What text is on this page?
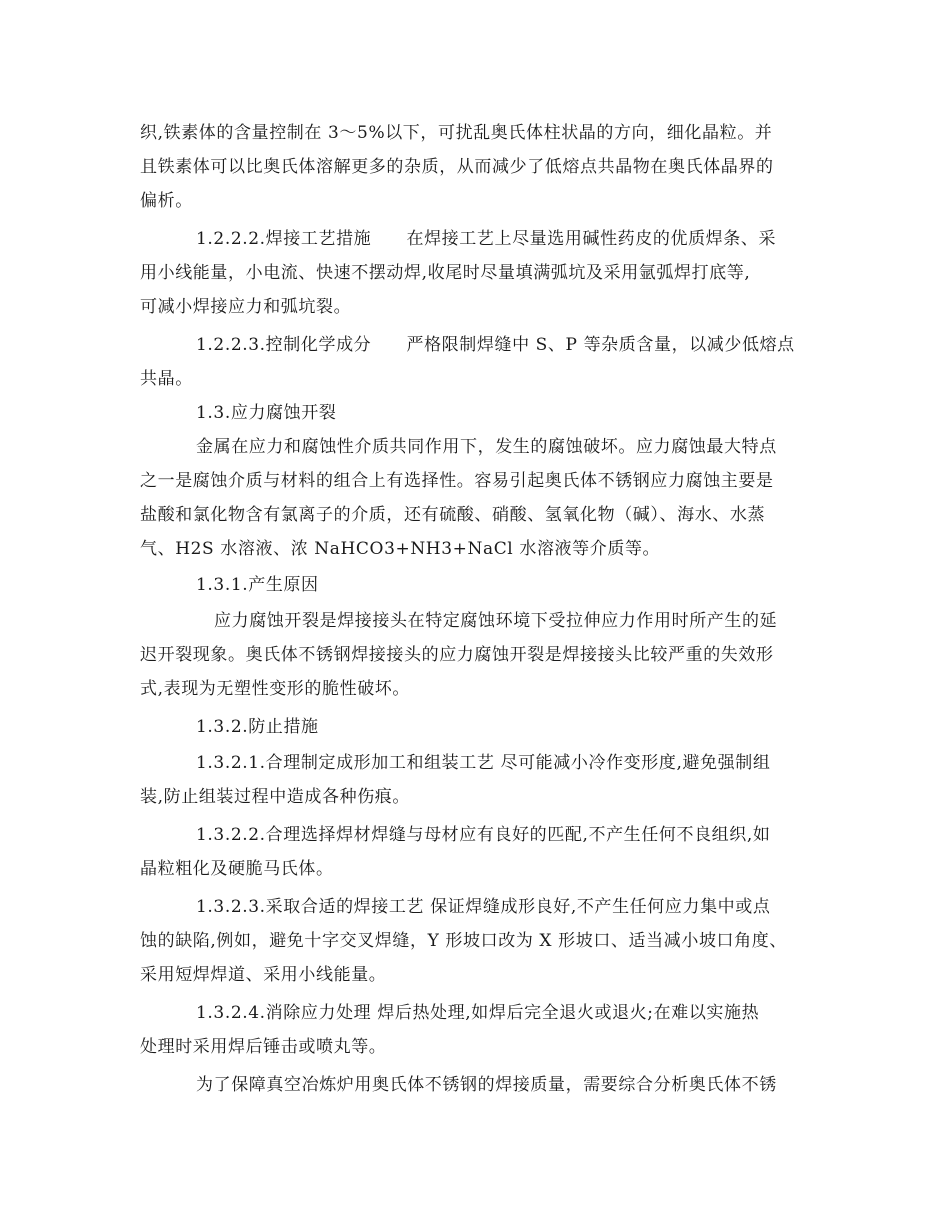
织,铁素体的含量控制在 3～5%以下，可扰乱奥氏体柱状晶的方向，细化晶粒。并
且铁素体可以比奥氏体溶解更多的杂质，从而减少了低熔点共晶物在奥氏体晶界的
偏析。
1.2.2.2.焊接工艺措施　　在焊接工艺上尽量选用碱性药皮的优质焊条、采
用小线能量，小电流、快速不摆动焊,收尾时尽量填满弧坑及采用氩弧焊打底等,
可减小焊接应力和弧坑裂。
1.2.2.3.控制化学成分　　严格限制焊缝中 S、P 等杂质含量，以减少低熔点
共晶。
1.3.应力腐蚀开裂
金属在应力和腐蚀性介质共同作用下，发生的腐蚀破坏。应力腐蚀最大特点
之一是腐蚀介质与材料的组合上有选择性。容易引起奥氏体不锈钢应力腐蚀主要是
盐酸和氯化物含有氯离子的介质，还有硫酸、硝酸、氢氧化物（碱）、海水、水蒸
气、H2S 水溶液、浓 NaHCO3+NH3+NaCl 水溶液等介质等。
1.3.1.产生原因
应力腐蚀开裂是焊接接头在特定腐蚀环境下受拉伸应力作用时所产生的延
迟开裂现象。奥氏体不锈钢焊接接头的应力腐蚀开裂是焊接接头比较严重的失效形
式,表现为无塑性变形的脆性破坏。
1.3.2.防止措施
1.3.2.1.合理制定成形加工和组装工艺 尽可能减小冷作变形度,避免强制组
装,防止组装过程中造成各种伤痕。
1.3.2.2.合理选择焊材焊缝与母材应有良好的匹配,不产生任何不良组织,如
晶粒粗化及硬脆马氏体。
1.3.2.3.采取合适的焊接工艺 保证焊缝成形良好,不产生任何应力集中或点
蚀的缺陷,例如，避免十字交叉焊缝，Y 形坡口改为 X 形坡口、适当减小坡口角度、
采用短焊焊道、采用小线能量。
1.3.2.4.消除应力处理 焊后热处理,如焊后完全退火或退火;在难以实施热
处理时采用焊后锤击或喷丸等。
为了保障真空冶炼炉用奥氏体不锈钢的焊接质量，需要综合分析奥氏体不锈
